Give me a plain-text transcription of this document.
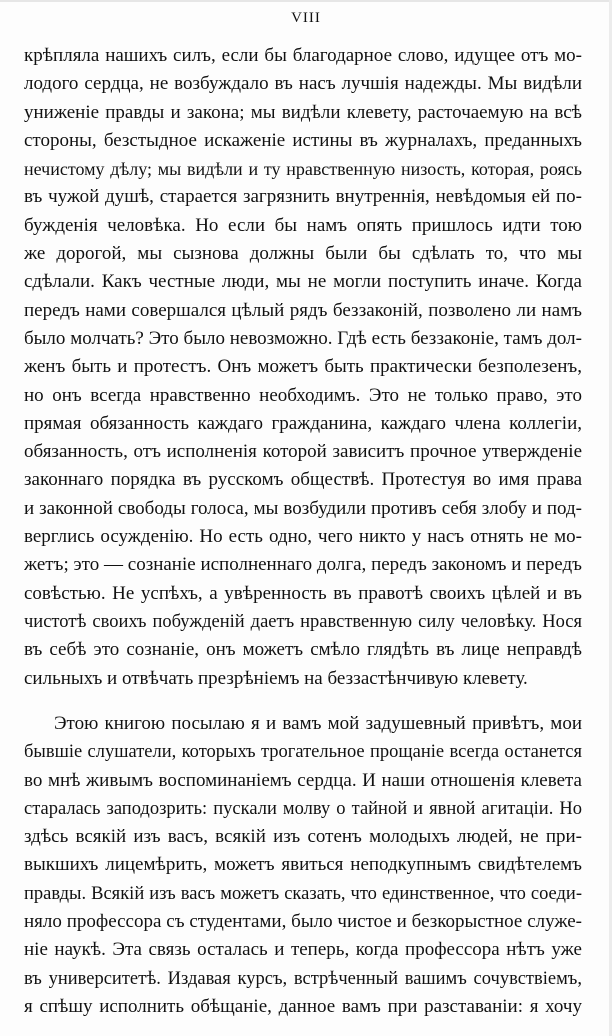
VIII
крѣпляла нашихъ силъ, если бы благодарное слово, идущее отъ мо-
лодого сердца, не возбуждало въ насъ лучшія надежды. Мы видѣли
униженіе правды и закона; мы видѣли клевету, расточаемую на всѣ
стороны, безстыдное искаженіе истины въ журналахъ, преданныхъ
нечистому дѣлу; мы видѣли и ту нравственную низость, которая, роясь
въ чужой душѣ, старается загрязнить внутреннія, невѣдомыя ей по-
бужденія человѣка. Но если бы намъ опять пришлось идти тою
же дорогой, мы сызнова должны были бы сдѣлать то, что мы
сдѣлали. Какъ честные люди, мы не могли поступить иначе. Когда
передъ нами совершался цѣлый рядъ беззаконій, позволено ли намъ
было молчать? Это было невозможно. Гдѣ есть беззаконіе, тамъ дол-
женъ быть и протестъ. Онъ можетъ быть практически безполезенъ,
но онъ всегда нравственно необходимъ. Это не только право, это
прямая обязанность каждаго гражданина, каждаго члена коллегіи,
обязанность, отъ исполненія которой зависитъ прочное утвержденіе
законнаго порядка въ русскомъ обществѣ. Протестуя во имя права
и законной свободы голоса, мы возбудили противъ себя злобу и под-
верглись осужденію. Но есть одно, чего никто у насъ отнять не мо-
жетъ; это — сознаніе исполненнаго долга, передъ закономъ и передъ
совѣстью. Не успѣхъ, а увѣренность въ правотѣ своихъ цѣлей и въ
чистотѣ своихъ побужденій даетъ нравственную силу человѣку. Нося
въ себѣ это сознаніе, онъ можетъ смѣло глядѣть въ лице неправдѣ
сильныхъ и отвѣчать презрѣніемъ на беззастѣнчивую клевету.
Этою книгою посылаю я и вамъ мой задушевный привѣтъ, мои
бывшіе слушатели, которыхъ трогательное прощаніе всегда останется
во мнѣ живымъ воспоминаніемъ сердца. И наши отношенія клевета
старалась заподозрить: пускали молву о тайной и явной агитаціи. Но
здѣсь всякій изъ васъ, всякій изъ сотенъ молодыхъ людей, не при-
выкшихъ лицемѣрить, можетъ явиться неподкупнымъ свидѣтелемъ
правды. Всякій изъ васъ можетъ сказать, что единственное, что соеди-
няло профессора съ студентами, было чистое и безкорыстное служе-
ніе наукѣ. Эта связь осталась и теперь, когда профессора нѣтъ уже
въ университетѣ. Издавая курсъ, встрѣченный вашимъ сочувствіемъ,
я спѣшу исполнить обѣщаніе, данное вамъ при разставаніи: я хочу
